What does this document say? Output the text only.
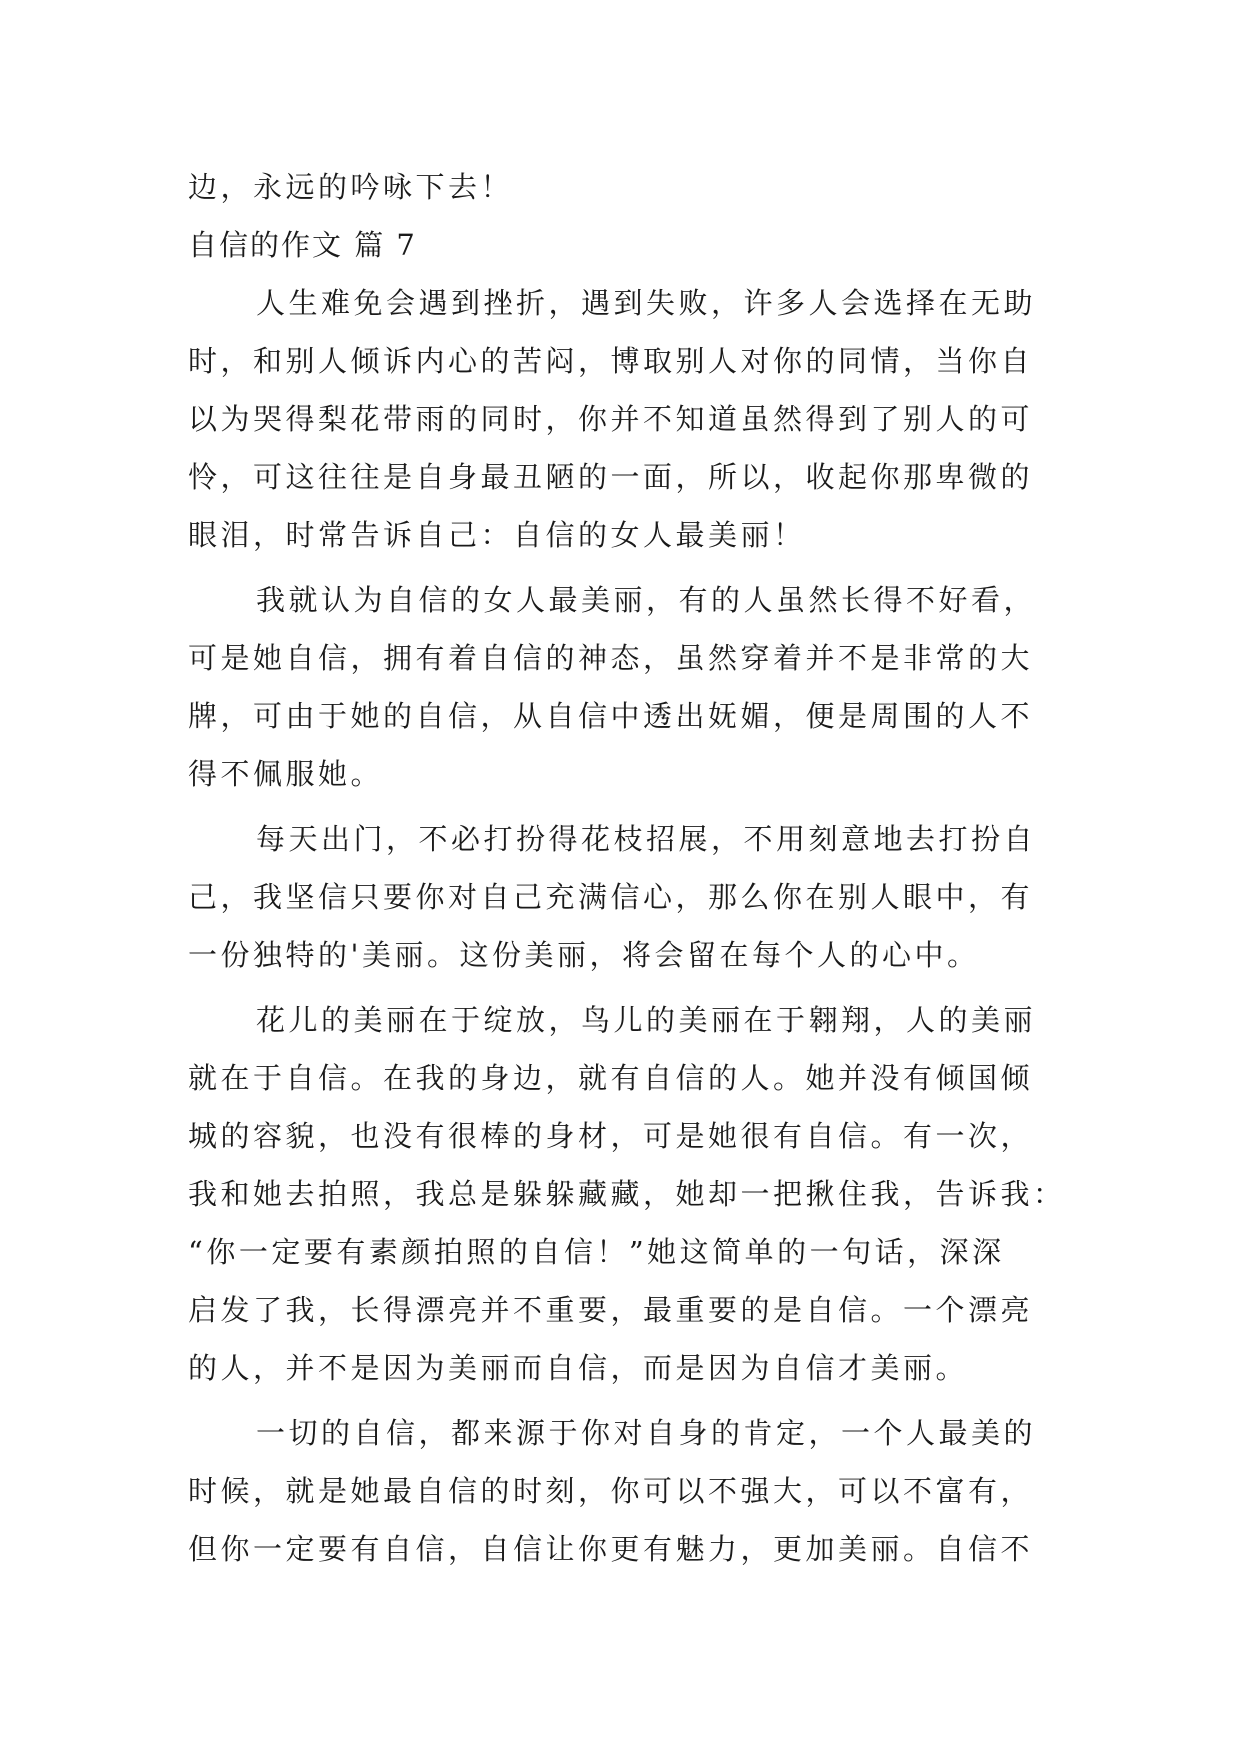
边，永远的吟咏下去！
自信的作文 篇 7
人生难免会遇到挫折，遇到失败，许多人会选择在无助
时，和别人倾诉内心的苦闷，博取别人对你的同情，当你自
以为哭得梨花带雨的同时，你并不知道虽然得到了别人的可
怜，可这往往是自身最丑陋的一面，所以，收起你那卑微的
眼泪，时常告诉自己：自信的女人最美丽！
我就认为自信的女人最美丽，有的人虽然长得不好看，
可是她自信，拥有着自信的神态，虽然穿着并不是非常的大
牌，可由于她的自信，从自信中透出妩媚，便是周围的人不
得不佩服她。
每天出门，不必打扮得花枝招展，不用刻意地去打扮自
己，我坚信只要你对自己充满信心，那么你在别人眼中，有
一份独特的'美丽。这份美丽，将会留在每个人的心中。
花儿的美丽在于绽放，鸟儿的美丽在于翱翔，人的美丽
就在于自信。在我的身边，就有自信的人。她并没有倾国倾
城的容貌，也没有很棒的身材，可是她很有自信。有一次，
我和她去拍照，我总是躲躲藏藏，她却一把揪住我，告诉我：
“你一定要有素颜拍照的自信！”她这简单的一句话，深深
启发了我，长得漂亮并不重要，最重要的是自信。一个漂亮
的人，并不是因为美丽而自信，而是因为自信才美丽。
一切的自信，都来源于你对自身的肯定，一个人最美的
时候，就是她最自信的时刻，你可以不强大，可以不富有，
但你一定要有自信，自信让你更有魅力，更加美丽。自信不
